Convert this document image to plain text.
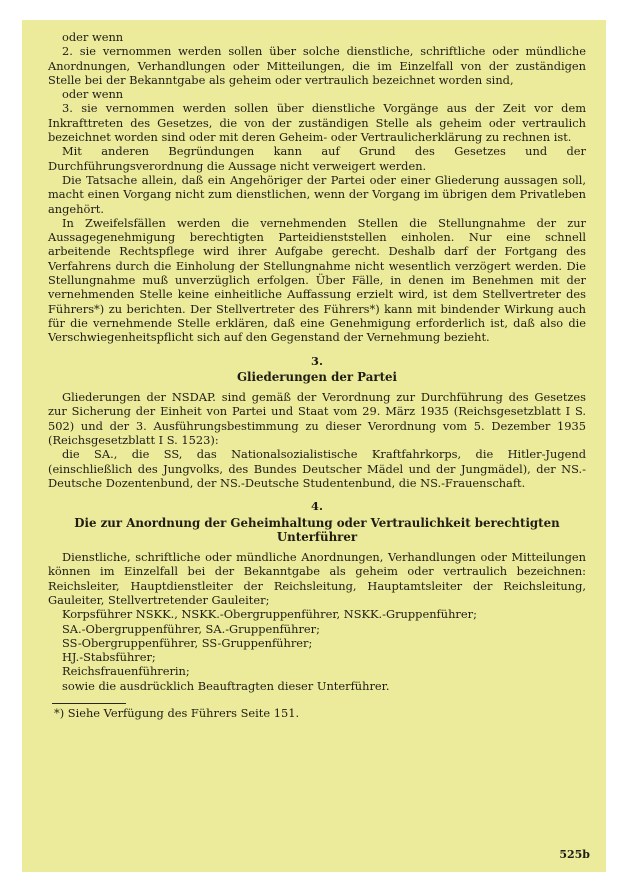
oder wenn

2. sie vernommen werden sollen über solche dienstliche, schriftliche oder mündliche Anordnungen, Verhandlungen oder Mitteilungen, die im Einzelfall von der zuständigen Stelle bei der Bekanntgabe als geheim oder vertraulich bezeichnet worden sind,

oder wenn

3. sie vernommen werden sollen über dienstliche Vorgänge aus der Zeit vor dem Inkrafttreten des Gesetzes, die von der zuständigen Stelle als geheim oder vertraulich bezeichnet worden sind oder mit deren Geheim- oder Vertraulicherklärung zu rechnen ist.

Mit anderen Begründungen kann auf Grund des Gesetzes und der Durchführungsverordnung die Aussage nicht verweigert werden.

Die Tatsache allein, daß ein Angehöriger der Partei oder einer Gliederung aussagen soll, macht einen Vorgang nicht zum dienstlichen, wenn der Vorgang im übrigen dem Privatleben angehört.

In Zweifelsfällen werden die vernehmenden Stellen die Stellungnahme der zur Aussagegenehmigung berechtigten Parteidienststellen einholen. Nur eine schnell arbeitende Rechtspflege wird ihrer Aufgabe gerecht. Deshalb darf der Fortgang des Verfahrens durch die Einholung der Stellungnahme nicht wesentlich verzögert werden. Die Stellungnahme muß unverzüglich erfolgen. Über Fälle, in denen im Benehmen mit der vernehmenden Stelle keine einheitliche Auffassung erzielt wird, ist dem Stellvertreter des Führers*) zu berichten. Der Stellvertreter des Führers*) kann mit bindender Wirkung auch für die vernehmende Stelle erklären, daß eine Genehmigung erforderlich ist, daß also die Verschwiegenheitspflicht sich auf den Gegenstand der Vernehmung bezieht.

3.
Gliederungen der Partei

Gliederungen der NSDAP. sind gemäß der Verordnung zur Durchführung des Gesetzes zur Sicherung der Einheit von Partei und Staat vom 29. März 1935 (Reichsgesetzblatt I S. 502) und der 3. Ausführungsbestimmung zu dieser Verordnung vom 5. Dezember 1935 (Reichsgesetzblatt I S. 1523):

die SA., die SS, das Nationalsozialistische Kraftfahrkorps, die Hitler-Jugend (einschließlich des Jungvolks, des Bundes Deutscher Mädel und der Jungmädel), der NS.-Deutsche Dozentenbund, der NS.-Deutsche Studentenbund, die NS.-Frauenschaft.

4.
Die zur Anordnung der Geheimhaltung oder Vertraulichkeit berechtigten Unterführer

Dienstliche, schriftliche oder mündliche Anordnungen, Verhandlungen oder Mitteilungen können im Einzelfall bei der Bekanntgabe als geheim oder vertraulich bezeichnen: Reichsleiter, Hauptdienstleiter der Reichsleitung, Hauptamtsleiter der Reichsleitung, Gauleiter, Stellvertretender Gauleiter;

Korpsführer NSKK., NSKK.-Obergruppenführer, NSKK.-Gruppenführer;
SA.-Obergruppenführer, SA.-Gruppenführer;
SS-Obergruppenführer, SS-Gruppenführer;
HJ.-Stabsführer;
Reichsfrauenführerin;
sowie die ausdrücklich Beauftragten dieser Unterführer.

*) Siehe Verfügung des Führers Seite 151.

525b
